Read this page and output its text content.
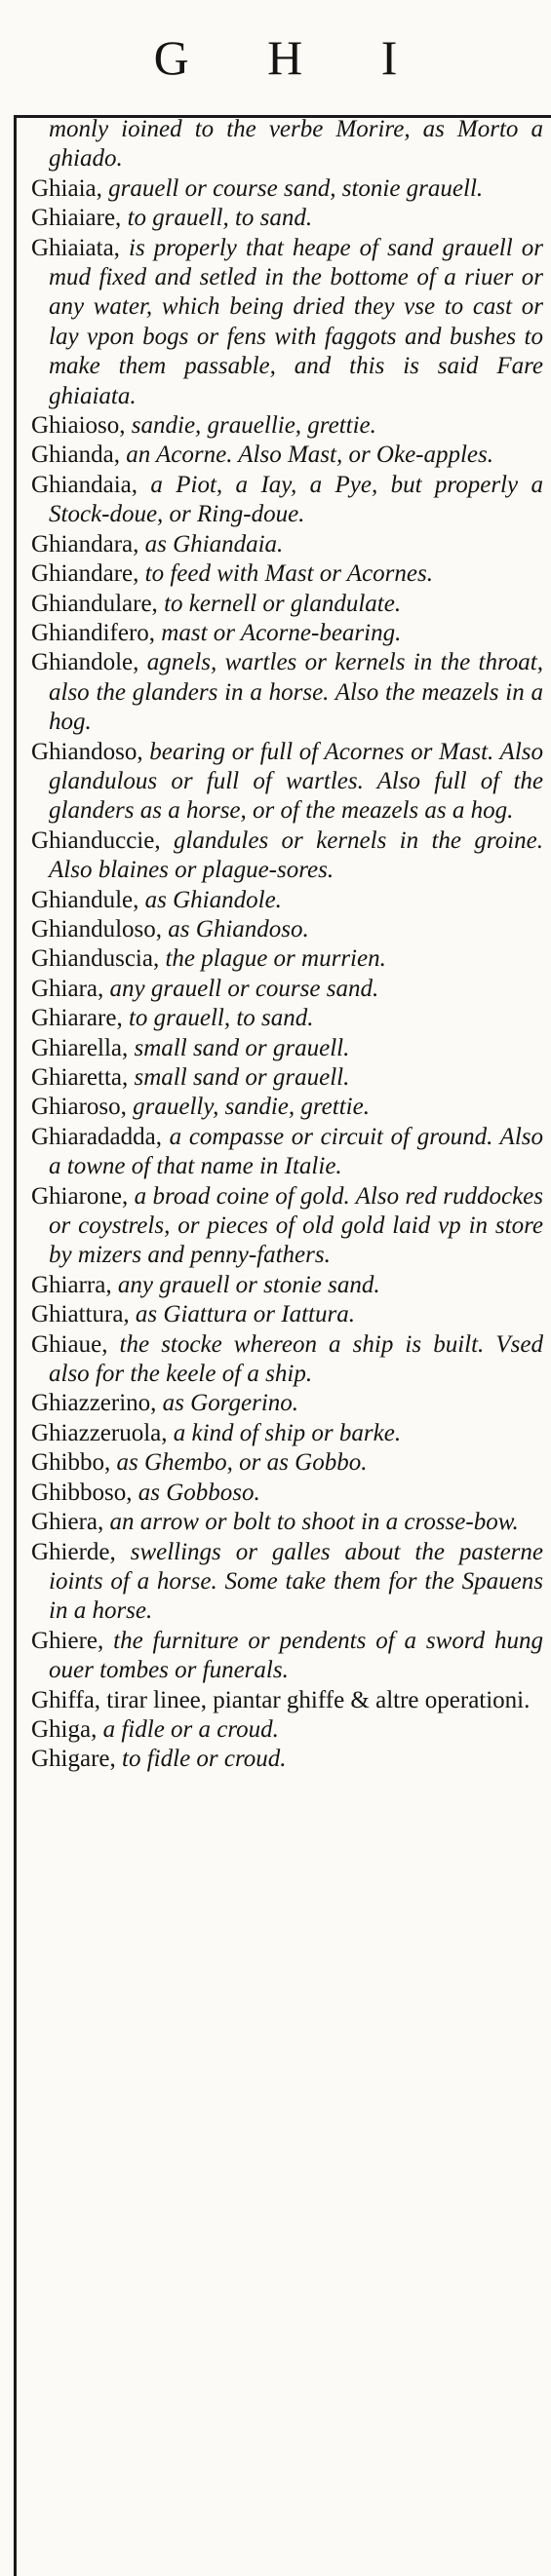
G H I

monly ioined to the verbe Morire, as Morto a ghiado.

Ghiaia, grauell or course sand, stonie grauell.

Ghiaiare, to grauell, to sand.

Ghiaiata, is properly that heape of sand grauell or mud fixed and setled in the bottome of a riuer or any water, which being dried they vse to cast or lay vpon bogs or fens with faggots and bushes to make them passable, and this is said Fare ghiaiata.

Ghiaioso, sandie, grauellie, grettie.

Ghianda, an Acorne. Also Mast, or Oke-apples.

Ghiandaia, a Piot, a Iay, a Pye, but properly a Stock-doue, or Ring-doue.

Ghiandara, as Ghiandaia.

Ghiandare, to feed with Mast or Acornes.

Ghiandulare, to kernell or glandulate.

Ghiandifero, mast or Acorne-bearing.

Ghiandole, agnels, wartles or kernels in the throat, also the glanders in a horse. Also the meazels in a hog.

Ghiandoso, bearing or full of Acornes or Mast. Also glandulous or full of wartles. Also full of the glanders as a horse, or of the meazels as a hog.

Ghianduccie, glandules or kernels in the groine. Also blaines or plague-sores.

Ghiandule, as Ghiandole.

Ghianduloso, as Ghiandoso.

Ghianduscia, the plague or murrien.

Ghiara, any grauell or course sand.

Ghiarare, to grauell, to sand.

Ghiarella, small sand or grauell.

Ghiaretta, small sand or grauell.

Ghiaroso, grauelly, sandie, grettie.

Ghiaradadda, a compasse or circuit of ground. Also a towne of that name in Italie.

Ghiarone, a broad coine of gold. Also red ruddockes or coystrels, or pieces of old gold laid vp in store by mizers and penny-fathers.

Ghiarra, any grauell or stonie sand.

Ghiattura, as Giattura or Iattura.

Ghiaue, the stocke whereon a ship is built. Vsed also for the keele of a ship.

Ghiazzerino, as Gorgerino.

Ghiazzeruola, a kind of ship or barke.

Ghibbo, as Ghembo, or as Gobbo.

Ghibboso, as Gobboso.

Ghiera, an arrow or bolt to shoot in a crosse-bow.

Ghierde, swellings or galles about the pasterne ioints of a horse. Some take them for the Spauens in a horse.

Ghiere, the furniture or pendents of a sword hung ouer tombes or funerals.

Ghiffa, tirar linee, piantar ghiffe & altre operationi.

Ghiga, a fidle or a croud.

Ghigare, to fidle or croud.
